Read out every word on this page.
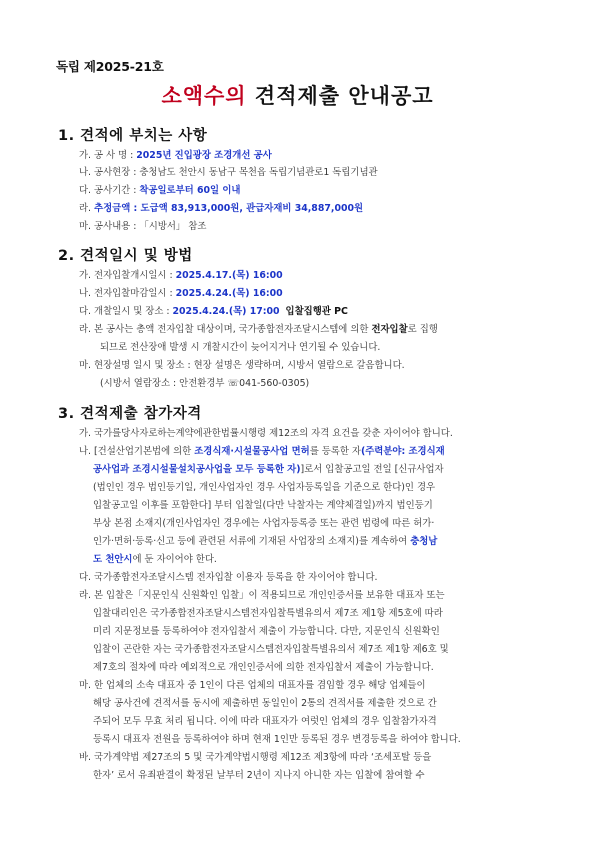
독립 제2025-21호
소액수의 견적제출 안내공고
1. 견적에 부치는 사항
가. 공 사 명 : 2025년 진입광장 조경개선 공사
나. 공사현장 : 충청남도 천안시 동남구 목천읍 독립기념관로1 독립기념관
다. 공사기간 : 착공일로부터 60일 이내
라. 추정금액 : 도급액 83,913,000원, 관급자재비 34,887,000원
마. 공사내용 : 「시방서」 참조
2. 견적일시 및 방법
가. 전자입찰개시일시 : 2025.4.17.(목) 16:00
나. 전자입찰마감일시 : 2025.4.24.(목) 16:00
다. 개찰일시 및 장소 : 2025.4.24.(목) 17:00 입찰집행관 PC
라. 본 공사는 총액 전자입찰 대상이며, 국가종합전자조달시스템에 의한 전자입찰로 집행
되므로 전산장애 발생 시 개찰시간이 늦어지거나 연기될 수 있습니다.
마. 현장설명 일시 및 장소 : 현장 설명은 생략하며, 시방서 열람으로 갈음합니다.
(시방서 열람장소 : 안전환경부 ☏041-560-0305)
3. 견적제출 참가자격
가. 국가를당사자로하는계약에관한법률시행령 제12조의 자격 요건을 갖춘 자이어야 합니다.
나. [건설산업기본법에 의한 조경식재·시설물공사업 면허를 등록한 자(주력분야: 조경식재
공사업과 조경시설물설치공사업을 모두 등록한 자)]로서 입찰공고일 전일 [신규사업자
(법인인 경우 법인등기일, 개인사업자인 경우 사업자등록일을 기준으로 한다)인 경우
입찰공고일 이후를 포함한다] 부터 입찰일(다만 낙찰자는 계약체결일)까지 법인등기
부상 본점 소재지(개인사업자인 경우에는 사업자등록증 또는 관련 법령에 따른 허가·
인가·면허·등록·신고 등에 관련된 서류에 기재된 사업장의 소재지)를 계속하여 충청남
도 천안시에 둔 자이어야 한다.
다. 국가종합전자조달시스템 전자입찰 이용자 등록을 한 자이어야 합니다.
라. 본 입찰은「지문인식 신원확인 입찰」이 적용되므로 개인인증서를 보유한 대표자 또는
입찰대리인은 국가종합전자조달시스템전자입찰특별유의서 제7조 제1항 제5호에 따라
미리 지문정보를 등록하여야 전자입찰서 제출이 가능합니다. 다만, 지문인식 신원확인
입찰이 곤란한 자는 국가종합전자조달시스템전자입찰특별유의서 제7조 제1항 제6호 및
제7호의 절차에 따라 예외적으로 개인인증서에 의한 전자입찰서 제출이 가능합니다.
마. 한 업체의 소속 대표자 중 1인이 다른 업체의 대표자를 겸임할 경우 해당 업체들이
해당 공사건에 견적서를 동시에 제출하면 동일인이 2통의 견적서를 제출한 것으로 간
주되어 모두 무효 처리 됩니다. 이에 따라 대표자가 여럿인 업체의 경우 입찰참가자격
등록시 대표자 전원을 등록하여야 하며 현재 1인만 등록된 경우 변경등록을 하여야 합니다.
바. 국가계약법 제27조의 5 및 국가계약법시행령 제12조 제3항에 따라 ‘조세포탈 등을
한자’ 로서 유죄판결이 확정된 날부터 2년이 지나지 아니한 자는 입찰에 참여할 수
